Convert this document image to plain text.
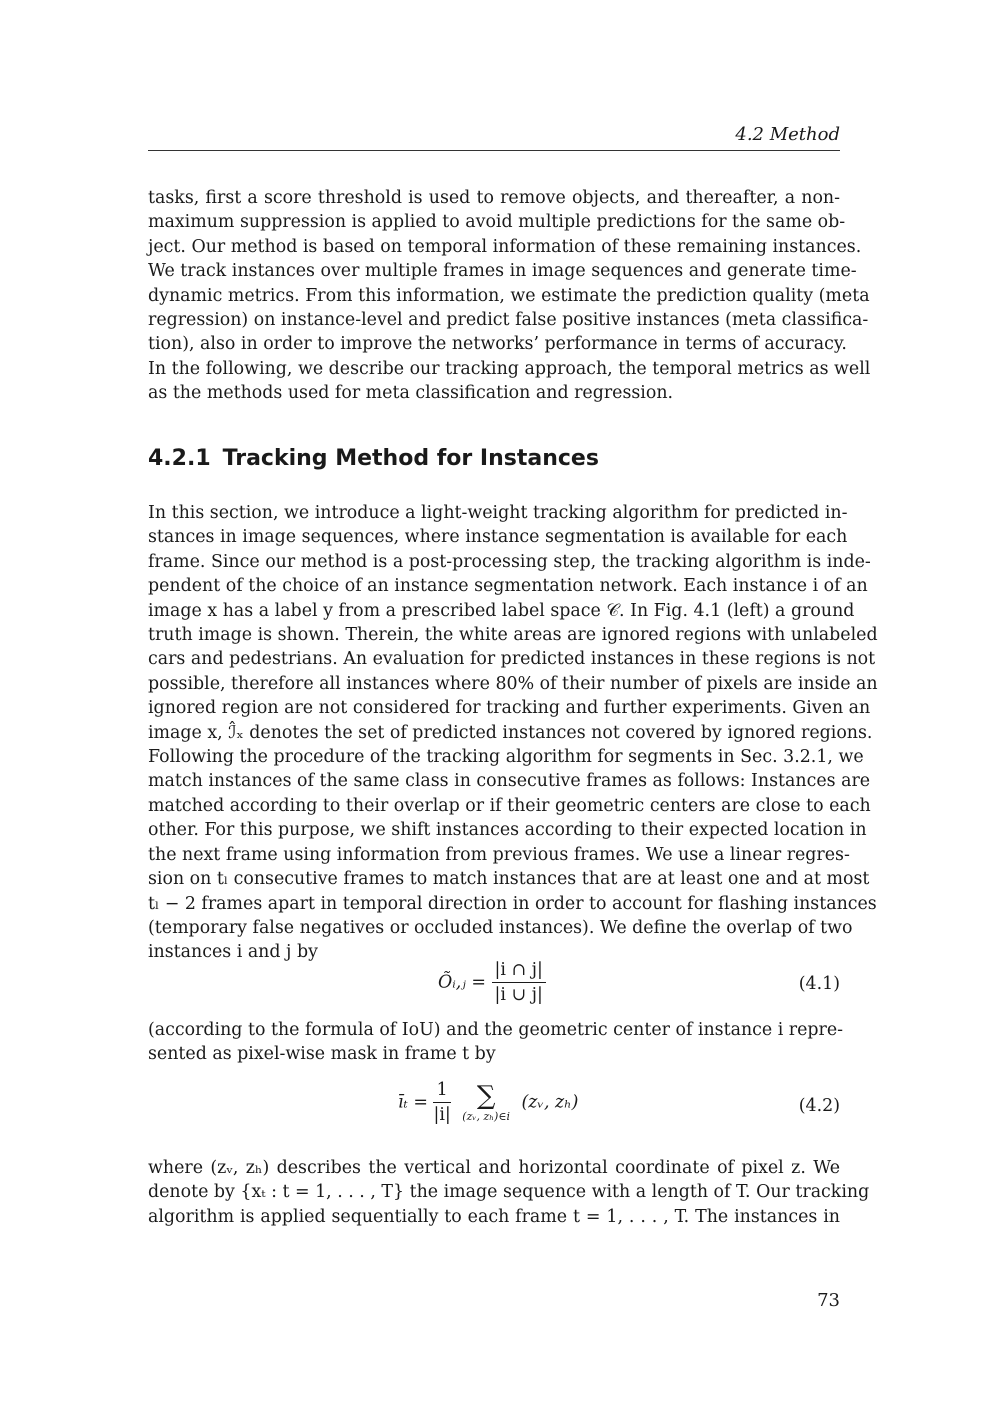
4.2 Method
tasks, first a score threshold is used to remove objects, and thereafter, a non-
maximum suppression is applied to avoid multiple predictions for the same ob-
ject. Our method is based on temporal information of these remaining instances.
We track instances over multiple frames in image sequences and generate time-
dynamic metrics. From this information, we estimate the prediction quality (meta
regression) on instance-level and predict false positive instances (meta classifica-
tion), also in order to improve the networks’ performance in terms of accuracy.
In the following, we describe our tracking approach, the temporal metrics as well
as the methods used for meta classification and regression.
4.2.1 Tracking Method for Instances
In this section, we introduce a light-weight tracking algorithm for predicted in-
stances in image sequences, where instance segmentation is available for each
frame. Since our method is a post-processing step, the tracking algorithm is inde-
pendent of the choice of an instance segmentation network. Each instance i of an
image x has a label y from a prescribed label space 𝒞. In Fig. 4.1 (left) a ground
truth image is shown. Therein, the white areas are ignored regions with unlabeled
cars and pedestrians. An evaluation for predicted instances in these regions is not
possible, therefore all instances where 80% of their number of pixels are inside an
ignored region are not considered for tracking and further experiments. Given an
image x, ℐ̂ₓ denotes the set of predicted instances not covered by ignored regions.
Following the procedure of the tracking algorithm for segments in Sec. 3.2.1, we
match instances of the same class in consecutive frames as follows: Instances are
matched according to their overlap or if their geometric centers are close to each
other. For this purpose, we shift instances according to their expected location in
the next frame using information from previous frames. We use a linear regres-
sion on tₗ consecutive frames to match instances that are at least one and at most
tₗ − 2 frames apart in temporal direction in order to account for flashing instances
(temporary false negatives or occluded instances). We define the overlap of two
instances i and j by
Õᵢ,ⱼ = $\frac{|i \cap j|}{|i \cup j|}$	(4.1)
(according to the formula of IoU) and the geometric center of instance i repre-
sented as pixel-wise mask in frame t by
īₜ = $\frac{1}{|i|}$
	∑
(zᵥ, zₕ)∈i
(zᵥ, zₕ)	(4.2)
where (zᵥ, zₕ) describes the vertical and horizontal coordinate of pixel z. We
denote by {xₜ : t = 1, . . . , T} the image sequence with a length of T. Our tracking
algorithm is applied sequentially to each frame t = 1, . . . , T. The instances in
73
